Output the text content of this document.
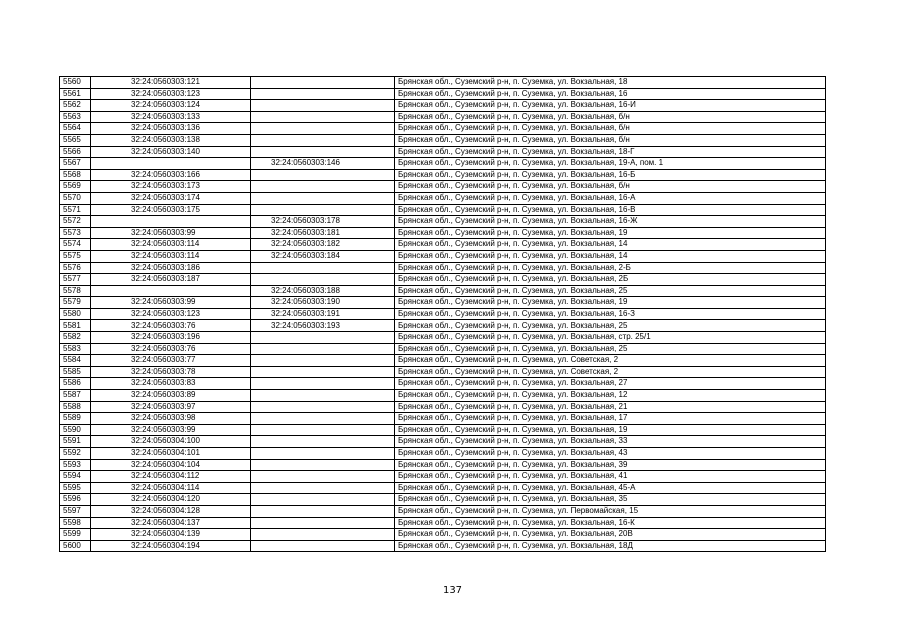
5560	32:24:0560303:121		Брянская обл., Суземский р-н, п. Суземка, ул. Вокзальная, 18
5561	32:24:0560303:123		Брянская обл., Суземский р-н, п. Суземка, ул. Вокзальная, 16
5562	32:24:0560303:124		Брянская обл., Суземский р-н, п. Суземка, ул. Вокзальная, 16-И
5563	32:24:0560303:133		Брянская обл., Суземский р-н, п. Суземка, ул. Вокзальная, б/н
5564	32:24:0560303:136		Брянская обл., Суземский р-н, п. Суземка, ул. Вокзальная, б/н
5565	32:24:0560303:138		Брянская обл., Суземский р-н, п. Суземка, ул. Вокзальная, б/н
5566	32:24:0560303:140		Брянская обл., Суземский р-н, п. Суземка, ул. Вокзальная, 18-Г
5567		32:24:0560303:146	Брянская обл., Суземский р-н, п. Суземка, ул. Вокзальная, 19-А, пом. 1
5568	32:24:0560303:166		Брянская обл., Суземский р-н, п. Суземка, ул. Вокзальная, 16-Б
5569	32:24:0560303:173		Брянская обл., Суземский р-н, п. Суземка, ул. Вокзальная, б/н
5570	32:24:0560303:174		Брянская обл., Суземский р-н, п. Суземка, ул. Вокзальная, 16-А
5571	32:24:0560303:175		Брянская обл., Суземский р-н, п. Суземка, ул. Вокзальная, 16-В
5572		32:24:0560303:178	Брянская обл., Суземский р-н, п. Суземка, ул. Вокзальная, 16-Ж
5573	32:24:0560303:99	32:24:0560303:181	Брянская обл., Суземский р-н, п. Суземка, ул. Вокзальная, 19
5574	32:24:0560303:114	32:24:0560303:182	Брянская обл., Суземский р-н, п. Суземка, ул. Вокзальная, 14
5575	32:24:0560303:114	32:24:0560303:184	Брянская обл., Суземский р-н, п. Суземка, ул. Вокзальная, 14
5576	32:24:0560303:186		Брянская обл., Суземский р-н, п. Суземка, ул. Вокзальная, 2-Б
5577	32:24:0560303:187		Брянская обл., Суземский р-н, п. Суземка, ул. Вокзальная, 2Б
5578		32:24:0560303:188	Брянская обл., Суземский р-н, п. Суземка, ул. Вокзальная, 25
5579	32:24:0560303:99	32:24:0560303:190	Брянская обл., Суземский р-н, п. Суземка, ул. Вокзальная, 19
5580	32:24:0560303:123	32:24:0560303:191	Брянская обл., Суземский р-н, п. Суземка, ул. Вокзальная, 16-З
5581	32:24:0560303:76	32:24:0560303:193	Брянская обл., Суземский р-н, п. Суземка, ул. Вокзальная, 25
5582	32:24:0560303:196		Брянская обл., Суземский р-н, п. Суземка, ул. Вокзальная, стр. 25/1
5583	32:24:0560303:76		Брянская обл., Суземский р-н, п. Суземка, ул. Вокзальная, 25
5584	32:24:0560303:77		Брянская обл., Суземский р-н, п. Суземка, ул. Советская, 2
5585	32:24:0560303:78		Брянская обл., Суземский р-н, п. Суземка, ул. Советская, 2
5586	32:24:0560303:83		Брянская обл., Суземский р-н, п. Суземка, ул. Вокзальная, 27
5587	32:24:0560303:89		Брянская обл., Суземский р-н, п. Суземка, ул. Вокзальная, 12
5588	32:24:0560303:97		Брянская обл., Суземский р-н, п. Суземка, ул. Вокзальная, 21
5589	32:24:0560303:98		Брянская обл., Суземский р-н, п. Суземка, ул. Вокзальная, 17
5590	32:24:0560303:99		Брянская обл., Суземский р-н, п. Суземка, ул. Вокзальная, 19
5591	32:24:0560304:100		Брянская обл., Суземский р-н, п. Суземка, ул. Вокзальная, 33
5592	32:24:0560304:101		Брянская обл., Суземский р-н, п. Суземка, ул. Вокзальная, 43
5593	32:24:0560304:104		Брянская обл., Суземский р-н, п. Суземка, ул. Вокзальная, 39
5594	32:24:0560304:112		Брянская обл., Суземский р-н, п. Суземка, ул. Вокзальная, 41
5595	32:24:0560304:114		Брянская обл., Суземский р-н, п. Суземка, ул. Вокзальная, 45-А
5596	32:24:0560304:120		Брянская обл., Суземский р-н, п. Суземка, ул. Вокзальная, 35
5597	32:24:0560304:128		Брянская обл., Суземский р-н, п. Суземка, ул. Первомайская, 15
5598	32:24:0560304:137		Брянская обл., Суземский р-н, п. Суземка, ул. Вокзальная, 16-К
5599	32:24:0560304:139		Брянская обл., Суземский р-н, п. Суземка, ул. Вокзальная, 20В
5600	32:24:0560304:194		Брянская обл., Суземский р-н, п. Суземка, ул. Вокзальная, 18Д
137
